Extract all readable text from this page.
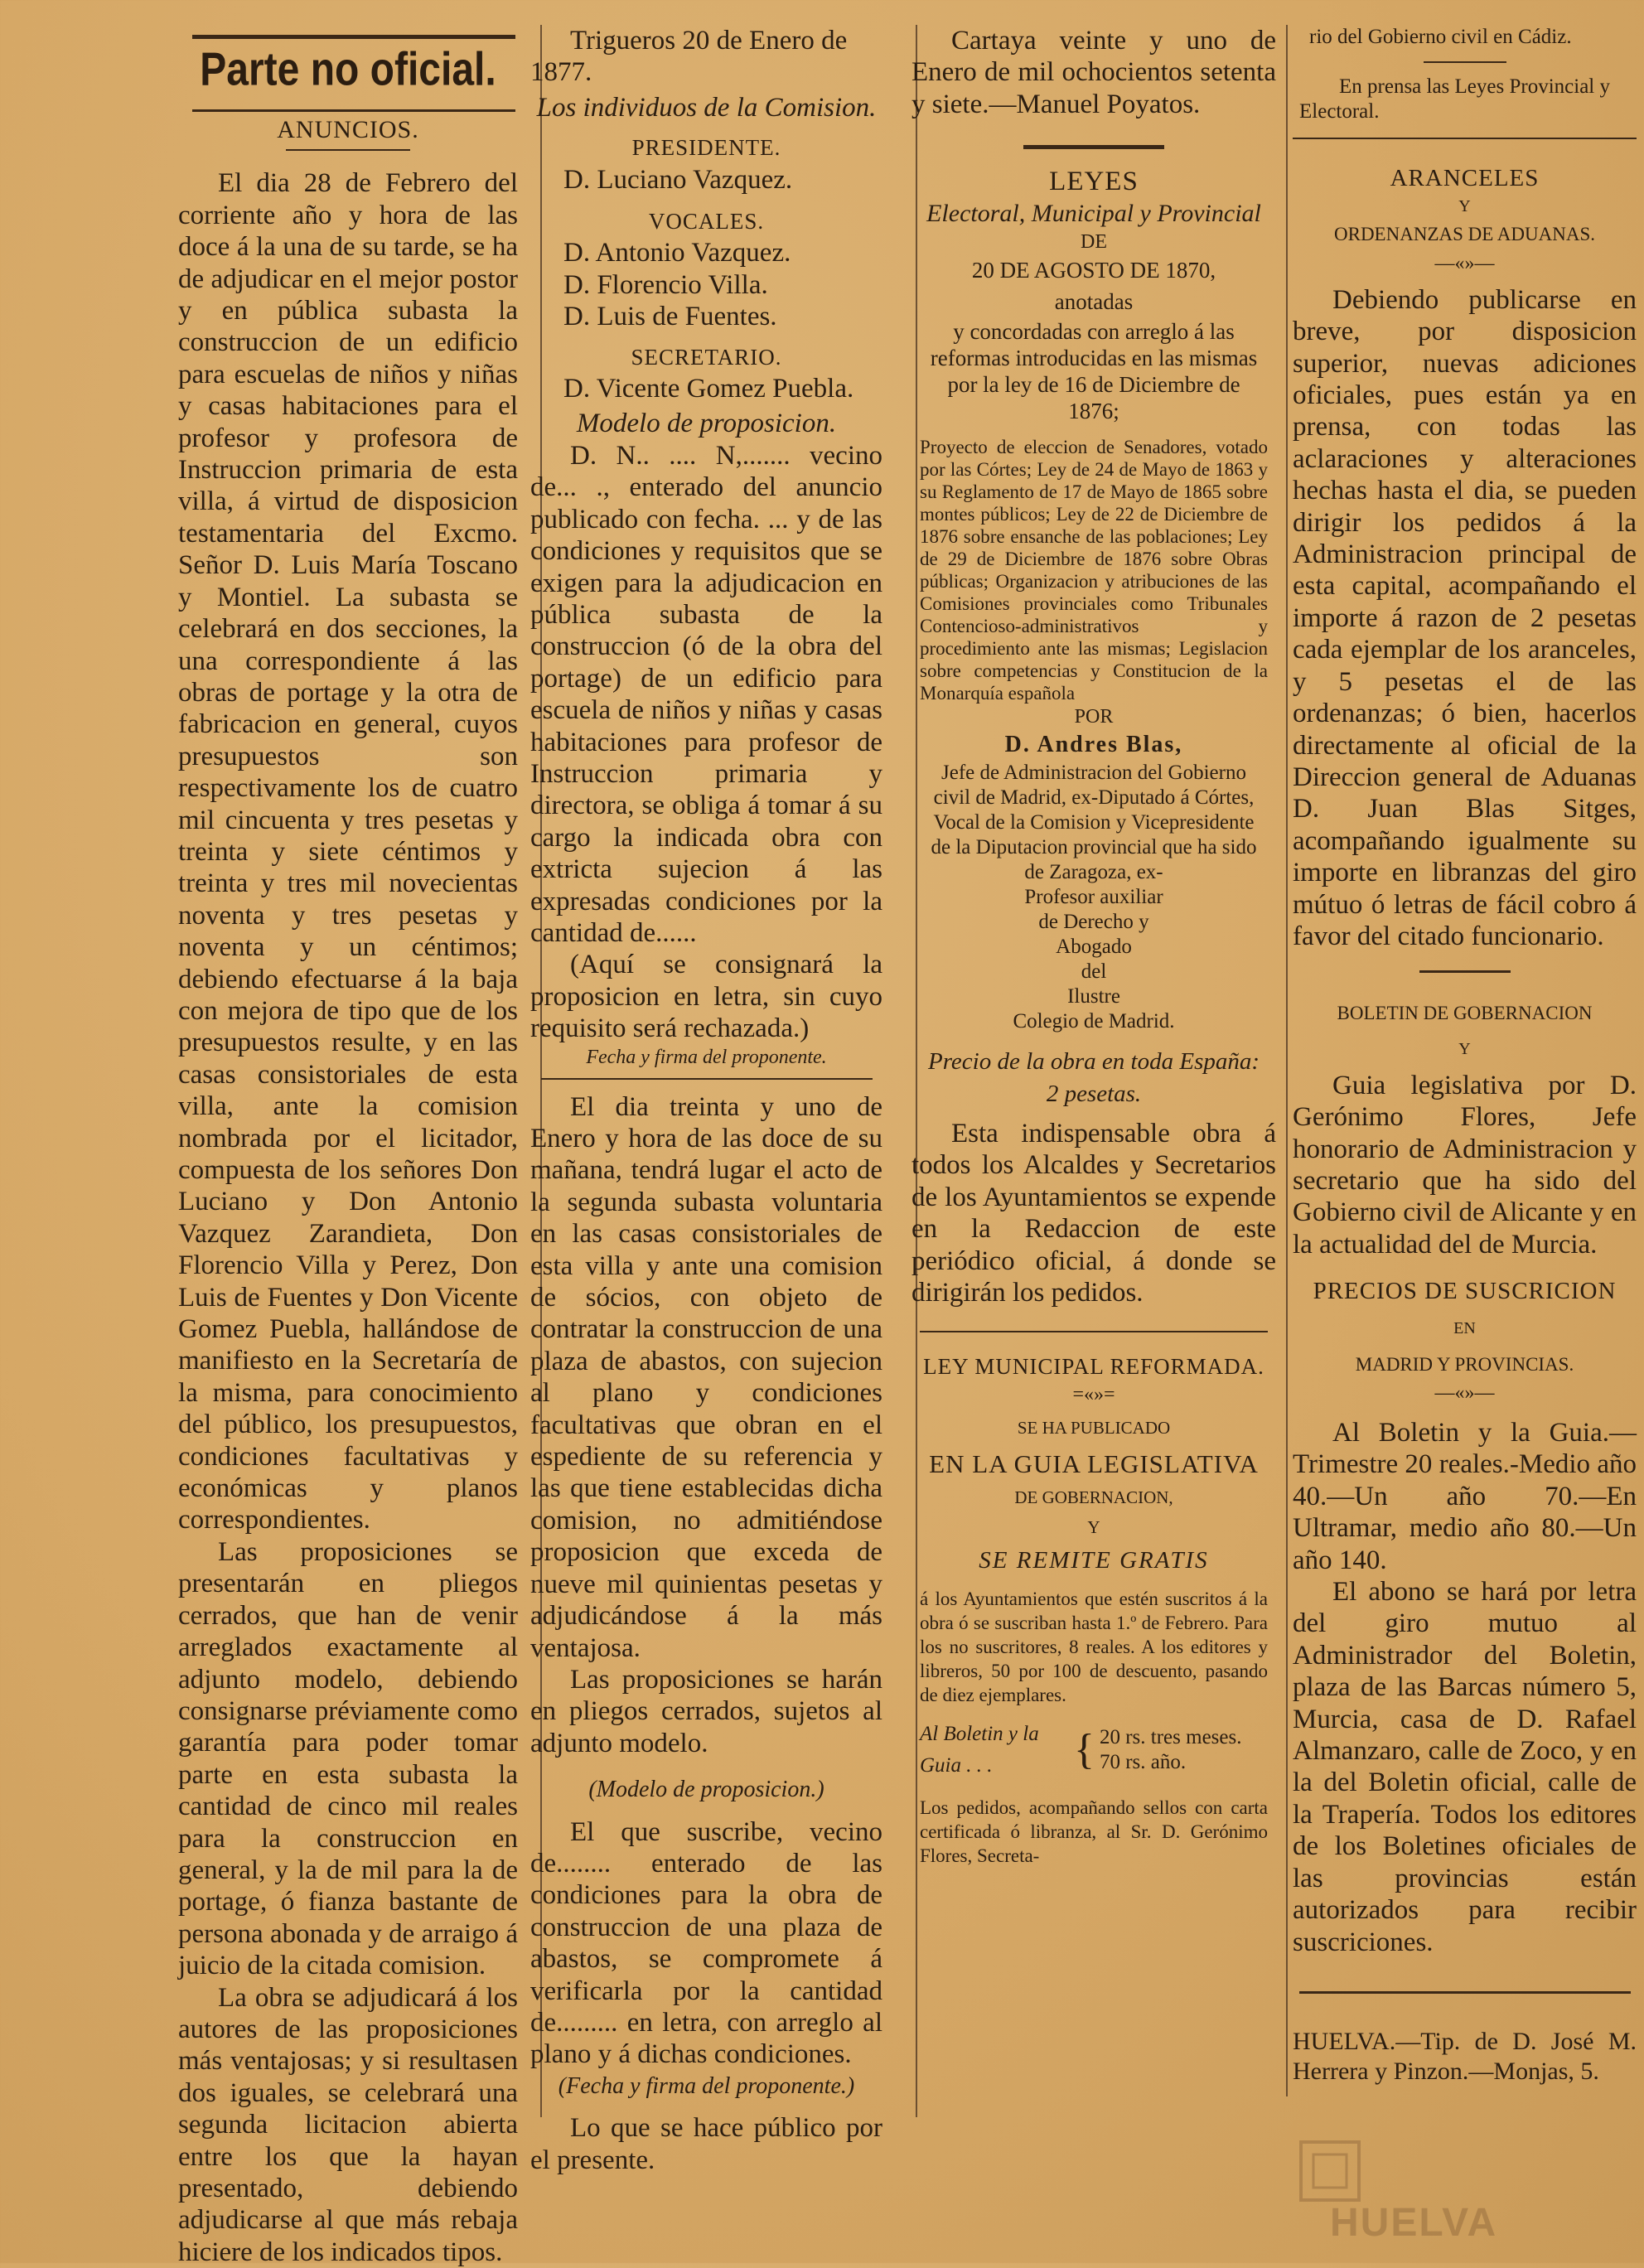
Parte no oficial.

ANUNCIOS.

El dia 28 de Febrero del corriente año y hora de las doce á la una de su tarde, se ha de adjudicar en el mejor postor y en pública subasta la construccion de un edificio para escuelas de niños y niñas y casas habitaciones para el profesor y profesora de Instruccion primaria de esta villa, á virtud de disposicion testamentaria del Excmo. Señor D. Luis María Toscano y Montiel. La subasta se celebrará en dos secciones, la una correspondiente á las obras de portage y la otra de fabricacion en general, cuyos presupuestos son respectivamente los de cuatro mil cincuenta y tres pesetas y treinta y siete céntimos y treinta y tres mil novecientas noventa y tres pesetas y noventa y un céntimos; debiendo efectuarse á la baja con mejora de tipo que de los presupuestos resulte, y en las casas consistoriales de esta villa, ante la comision nombrada por el licitador, compuesta de los señores Don Luciano y Don Antonio Vazquez Zarandieta, Don Florencio Villa y Perez, Don Luis de Fuentes y Don Vicente Gomez Puebla, hallándose de manifiesto en la Secretaría de la misma, para conocimiento del público, los presupuestos, condiciones facultativas y económicas y planos correspondientes.

Las proposiciones se presentarán en pliegos cerrados, que han de venir arreglados exactamente al adjunto modelo, debiendo consignarse préviamente como garantía para poder tomar parte en esta subasta la cantidad de cinco mil reales para la construccion en general, y la de mil para la de portage, ó fianza bastante de persona abonada y de arraigo á juicio de la citada comision.

La obra se adjudicará á los autores de las proposiciones más ventajosas; y si resultasen dos iguales, se celebrará una segunda licitacion abierta entre los que la hayan presentado, debiendo adjudicarse al que más rebaja hiciere de los indicados tipos.

Trigueros 20 de Enero de 1877.

Los individuos de la Comision.

PRESIDENTE.

D. Luciano Vazquez.

VOCALES.

D. Antonio Vazquez.

D. Florencio Villa.

D. Luis de Fuentes.

SECRETARIO.

D. Vicente Gomez Puebla.

Modelo de proposicion.

D. N.. .... N,....... vecino de... ., enterado del anuncio publicado con fecha. ... y de las condiciones y requisitos que se exigen para la adjudicacion en pública subasta de la construccion (ó de la obra del portage) de un edificio para escuela de niños y niñas y casas habitaciones para profesor de Instruccion primaria y directora, se obliga á tomar á su cargo la indicada obra con extricta sujecion á las expresadas condiciones por la cantidad de......

(Aquí se consignará la proposicion en letra, sin cuyo requisito será rechazada.)

Fecha y firma del proponente.

El dia treinta y uno de Enero y hora de las doce de su mañana, tendrá lugar el acto de la segunda subasta voluntaria en las casas consistoriales de esta villa y ante una comision de sócios, con objeto de contratar la construccion de una plaza de abastos, con sujecion al plano y condiciones facultativas que obran en el espediente de su referencia y las que tiene establecidas dicha comision, no admitiéndose proposicion que exceda de nueve mil quinientas pesetas y adjudicándose á la más ventajosa.

Las proposiciones se harán en pliegos cerrados, sujetos al adjunto modelo.

(Modelo de proposicion.)

El que suscribe, vecino de........ enterado de las condiciones para la obra de construccion de una plaza de abastos, se compromete á verificarla por la cantidad de......... en letra, con arreglo al plano y á dichas condiciones.

(Fecha y firma del proponente.)

Lo que se hace público por el presente.

Cartaya veinte y uno de Enero de mil ochocientos setenta y siete.—Manuel Poyatos.

LEYES

Electoral, Municipal y Provincial

DE

20 DE AGOSTO DE 1870,

anotadas

y concordadas con arreglo á las reformas introducidas en las mismas por la ley de 16 de Diciembre de 1876;

Proyecto de eleccion de Senadores, votado por las Córtes; Ley de 24 de Mayo de 1863 y su Reglamento de 17 de Mayo de 1865 sobre montes públicos; Ley de 22 de Diciembre de 1876 sobre ensanche de las poblaciones; Ley de 29 de Diciembre de 1876 sobre Obras públicas; Organizacion y atribuciones de las Comisiones provinciales como Tribunales Contencioso-administrativos y procedimiento ante las mismas; Legislacion sobre competencias y Constitucion de la Monarquía española

POR

D. Andres Blas,

Jefe de Administracion del Gobierno civil de Madrid, ex-Diputado á Córtes, Vocal de la Comision y Vicepresidente de la Diputacion provincial que ha sido de Zaragoza, ex-

Profesor auxiliar

de Derecho y

Abogado

del

Ilustre

Colegio de Madrid.

Precio de la obra en toda España:

2 pesetas.

Esta indispensable obra á todos los Alcaldes y Secretarios de los Ayuntamientos se expende en la Redaccion de este periódico oficial, á donde se dirigirán los pedidos.

LEY MUNICIPAL REFORMADA.

=«»=

SE HA PUBLICADO

EN LA GUIA LEGISLATIVA

DE GOBERNACION,

Y

SE REMITE GRATIS

á los Ayuntamientos que estén suscritos á la obra ó se suscriban hasta 1.º de Febrero. Para los no suscritores, 8 reales. A los editores y libreros, 50 por 100 de descuento, pasando de diez ejemplares.

Al Boletin y la Guia . . .	{ 20 rs. tres meses.
70 rs. año.

Los pedidos, acompañando sellos con carta certificada ó libranza, al Sr. D. Gerónimo Flores, Secreta-

rio del Gobierno civil en Cádiz.

En prensa las Leyes Provincial y Electoral.

ARANCELES

Y

ORDENANZAS DE ADUANAS.

—«»—

Debiendo publicarse en breve, por disposicion superior, nuevas adiciones oficiales, pues están ya en prensa, con todas las aclaraciones y alteraciones hechas hasta el dia, se pueden dirigir los pedidos á la Administracion principal de esta capital, acompañando el importe á razon de 2 pesetas cada ejemplar de los aranceles, y 5 pesetas el de las ordenanzas; ó bien, hacerlos directamente al oficial de la Direccion general de Aduanas D. Juan Blas Sitges, acompañando igualmente su importe en libranzas del giro mútuo ó letras de fácil cobro á favor del citado funcionario.

BOLETIN DE GOBERNACION

Y

Guia legislativa por D. Gerónimo Flores, Jefe honorario de Administracion y secretario que ha sido del Gobierno civil de Alicante y en la actualidad del de Murcia.

PRECIOS DE SUSCRICION

EN

MADRID Y PROVINCIAS.

—«»—

Al Boletin y la Guia.—Trimestre 20 reales.-Medio año 40.—Un año 70.—En Ultramar, medio año 80.—Un año 140.

El abono se hará por letra del giro mutuo al Administrador del Boletin, plaza de las Barcas número 5, Murcia, casa de D. Rafael Almanzaro, calle de Zoco, y en la del Boletin oficial, calle de la Trapería. Todos los editores de los Boletines oficiales de las provincias están autorizados para recibir suscriciones.

HUELVA.—Tip. de D. José M. Herrera y Pinzon.—Monjas, 5.

HUELVA
